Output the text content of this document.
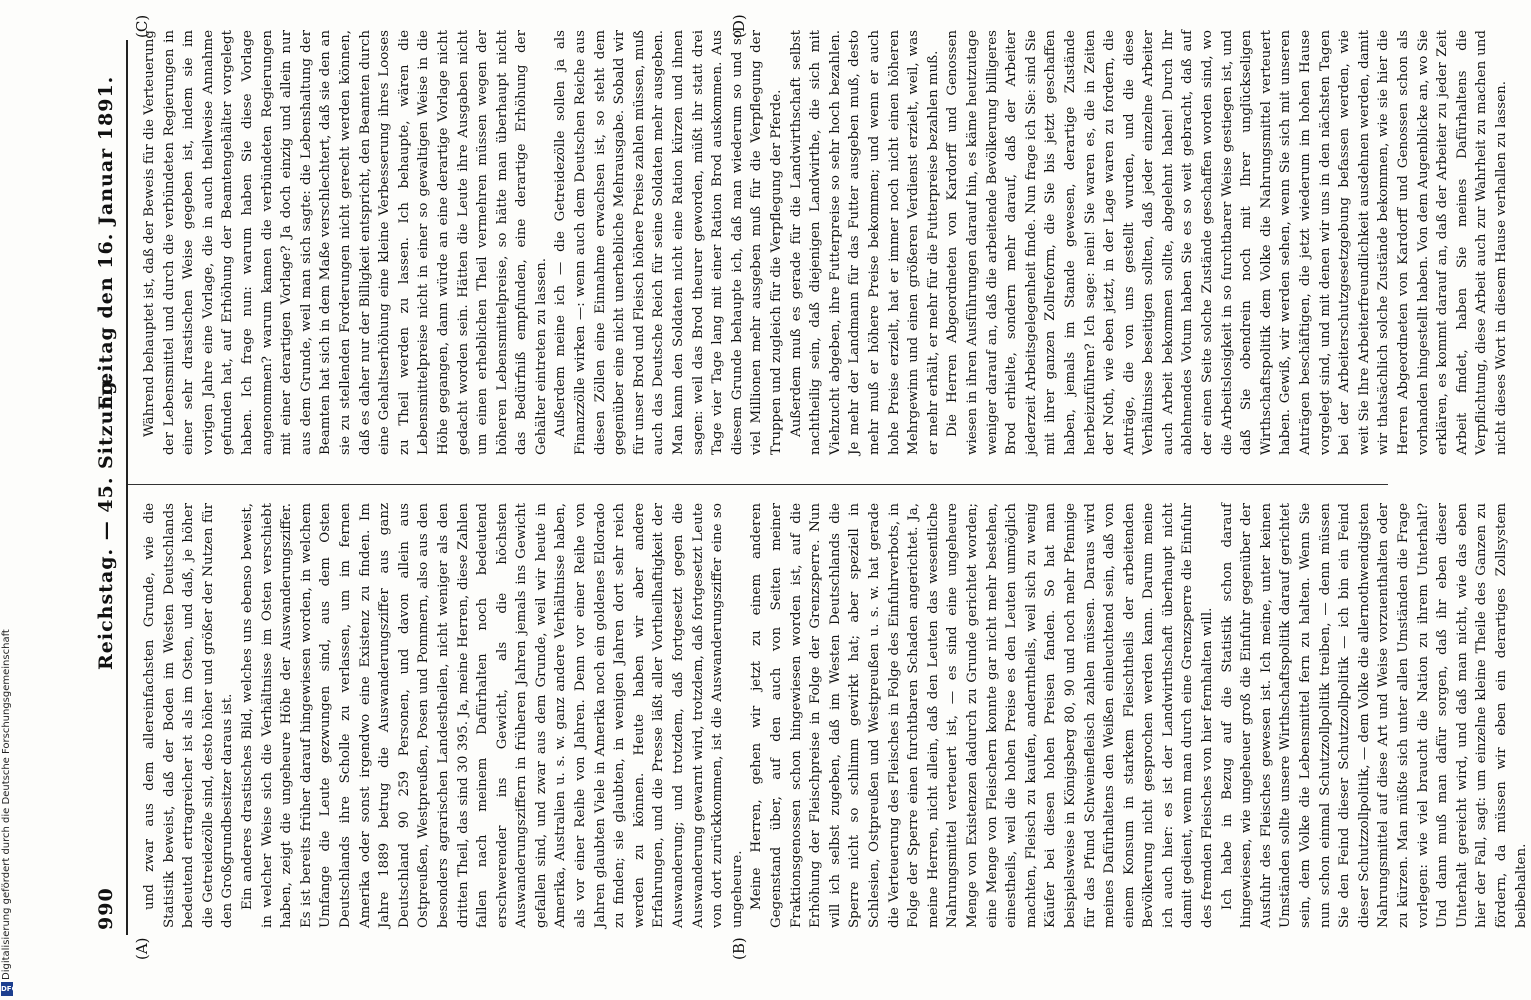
990
Reichstag. — 45. Sitzung.
Freitag den 16. Januar 1891.
(A)	(B)
(C)	(D)

und zwar aus dem allereinfachsten Grunde, wie die Statistik beweist, daß der Boden im Westen Deutschlands bedeutend ertragreicher ist als im Osten, und daß, je höher die Getreidezölle sind, desto höher und größer der Nutzen für den Großgrundbesitzer daraus ist. Ein anderes drastisches Bild, welches uns ebenso beweist, in welcher Weise sich die Verhältnisse im Osten verschiebt haben, zeigt die ungeheure Höhe der Auswanderungsziffer. Es ist bereits früher darauf hingewiesen worden, in welchem Umfange die Leute gezwungen sind, aus dem Osten Deutschlands ihre Scholle zu verlassen, um im fernen Amerika oder sonst irgendwo eine Existenz zu finden. Im Jahre 1889 betrug die Auswanderungsziffer aus ganz Deutschland 90 259 Personen, und davon allein aus Ostpreußen, Westpreußen, Posen und Pommern, also aus den besonders agrarischen Landestheilen, nicht weniger als den dritten Theil, das sind 30 395. Ja, meine Herren, diese Zahlen fallen nach meinem Dafürhalten noch bedeutend erschwerender ins Gewicht, als die höchsten Auswanderungsziffern in früheren Jahren jemals ins Gewicht gefallen sind, und zwar aus dem Grunde, weil wir heute in Amerika, Australien u. s. w. ganz andere Verhältnisse haben, als vor einer Reihe von Jahren. Denn vor einer Reihe von Jahren glaubten Viele in Amerika noch ein goldenes Eldorado zu finden; sie glaubten, in wenigen Jahren dort sehr reich werden zu können. Heute haben wir aber andere Erfahrungen, und die Presse läßt aller Vortheilhaftigkeit der Auswanderung; und trotzdem, daß fortgesetzt gegen die Auswanderung gewarnt wird, trotzdem, daß fortgesetzt Leute von dort zurückkommen, ist die Auswanderungsziffer eine so ungeheure. Meine Herren, gehen wir jetzt zu einem anderen Gegenstand über, auf den auch von Seiten meiner Fraktionsgenossen schon hingewiesen worden ist, auf die Erhöhung der Fleischpreise in Folge der Grenzsperre. Nun will ich selbst zugeben, daß im Westen Deutschlands die Sperre nicht so schlimm gewirkt hat; aber speziell in Schlesien, Ostpreußen und Westpreußen u. s. w. hat gerade die Verteuerung des Fleisches in Folge des Einfuhrverbots, in Folge der Sperre einen furchtbaren Schaden angerichtet. Ja, meine Herren, nicht allein, daß den Leuten das wesentliche Nahrungsmittel verteuert ist, — es sind eine ungeheure Menge von Existenzen dadurch zu Grunde gerichtet worden; eine Menge von Fleischern konnte gar nicht mehr bestehen, einestheils, weil die hohen Preise es den Leuten unmöglich machten, Fleisch zu kaufen, anderntheils, weil sich zu wenig Käufer bei diesen hohen Preisen fanden. So hat man beispielsweise in Königsberg 80, 90 und noch mehr Pfennige für das Pfund Schweinefleisch zahlen müssen. Daraus wird meines Dafürhaltens den Weißen einleuchtend sein, daß von einem Konsum in starkem Fleischtheils der arbeitenden Bevölkerung nicht gesprochen werden kann. Darum meine ich auch hier: es ist der Landwirthschaft überhaupt nicht damit gedient, wenn man durch eine Grenzsperre die Einfuhr des fremden Fleisches von hier fernhalten will. Ich habe in Bezug auf die Statistik schon darauf hingewiesen, wie ungeheuer groß die Einfuhr gegenüber der Ausfuhr des Fleisches gewesen ist. Ich meine, unter keinen Umständen sollte unsere Wirthschaftspolitik darauf gerichtet sein, dem Volke die Lebensmittel fern zu halten. Wenn Sie nun schon einmal Schutzzollpolitik treiben, — denn müssen Sie den Feind dieser Schutzzollpolitik — ich bin ein Feind dieser Schutzzollpolitik, — dem Volke die allernothwendigsten Nahrungsmittel auf diese Art und Weise vorzuenthalten oder zu kürzen. Man müßte sich unter allen Umständen die Frage vorlegen: wie viel braucht die Nation zu ihrem Unterhalt? Und dann muß man dafür sorgen, daß ihr eben dieser Unterhalt gereicht wird, und daß man nicht, wie das eben hier der Fall, sagt: um einzelne kleine Theile des Ganzen zu fördern, da müssen wir eben ein derartiges Zollsystem beibehalten.

Während behauptet ist, daß der Beweis für die Verteuerung der Lebensmittel und durch die verbündeten Regierungen in einer sehr drastischen Weise gegeben ist, indem sie im vorigen Jahre eine Vorlage, die in auch theilweise Annahme gefunden hat, auf Erhöhung der Beamtengehälter vorgelegt haben. Ich frage nun: warum haben Sie diese Vorlage angenommen? warum kamen die verbündeten Regierungen mit einer derartigen Vorlage? Ja doch einzig und allein nur aus dem Grunde, weil man sich sagte: die Lebenshaltung der Beamten hat sich in dem Maße verschlechtert, daß sie den an sie zu stellenden Forderungen nicht gerecht werden können, daß es daher nur der Billigkeit entspricht, den Beamten durch eine Gehaltserhöhung eine kleine Verbesserung ihres Looses zu Theil werden zu lassen. Ich behaupte, wären die Lebensmittelpreise nicht in einer so gewaltigen Weise in die Höhe gegangen, dann würde an eine derartige Vorlage nicht gedacht worden sein. Hätten die Leute ihre Ausgaben nicht um einen erheblichen Theil vermehren müssen wegen der höheren Lebensmittelpreise, so hätte man überhaupt nicht das Bedürfniß empfunden, eine derartige Erhöhung der Gehälter eintreten zu lassen. Außerdem meine ich — die Getreidezölle sollen ja als Finanzzölle wirken —: wenn auch dem Deutschen Reiche aus diesen Zöllen eine Einnahme erwachsen ist, so steht dem gegenüber eine nicht unerhebliche Mehrausgabe. Sobald wir für unser Brod und Fleisch höhere Preise zahlen müssen, muß auch das Deutsche Reich für seine Soldaten mehr ausgeben. Man kann den Soldaten nicht eine Ration kürzen und ihnen sagen: weil das Brod theurer geworden, müßt ihr statt drei Tage vier Tage lang mit einer Ration Brod auskommen. Aus diesem Grunde behaupte ich, daß man wiederum so und so viel Millionen mehr ausgeben muß für die Verpflegung der Truppen und zugleich für die Verpflegung der Pferde. Außerdem muß es gerade für die Landwirthschaft selbst nachtheilig sein, daß diejenigen Landwirthe, die sich mit Viehzucht abgeben, ihre Futterpreise so sehr hoch bezahlen. Je mehr der Landmann für das Futter ausgeben muß, desto mehr muß er höhere Preise bekommen; und wenn er auch hohe Preise erzielt, hat er immer noch nicht einen höheren Mehrgewinn und einen größeren Verdienst erzielt, weil, was er mehr erhält, er mehr für die Futterpreise bezahlen muß. Die Herren Abgeordneten von Kardorff und Genossen wiesen in ihren Ausführungen darauf hin, es käme heutzutage weniger darauf an, daß die arbeitende Bevölkerung billigeres Brod erhielte, sondern mehr darauf, daß der Arbeiter jederzeit Arbeitsgelegenheit finde. Nun frage ich Sie: sind Sie mit ihrer ganzen Zollreform, die Sie bis jetzt geschaffen haben, jemals im Stande gewesen, derartige Zustände herbeizuführen? Ich sage: nein! Sie waren es, die in Zeiten der Noth, wie eben jetzt, in der Lage waren zu fordern, die Anträge, die von uns gestellt wurden, und die diese Verhältnisse beseitigen sollten, daß jeder einzelne Arbeiter auch Arbeit bekommen sollte, abgelehnt haben! Durch Ihr ablehnendes Votum haben Sie es so weit gebracht, daß auf der einen Seite solche Zustände geschaffen worden sind, wo die Arbeitslosigkeit in so furchtbarer Weise gestiegen ist, und daß Sie obendrein noch mit Ihrer unglückseligen Wirthschaftspolitik dem Volke die Nahrungsmittel verteuert haben. Gewiß, wir werden sehen, wenn Sie sich mit unseren Anträgen beschäftigen, die jetzt wiederum im hohen Hause vorgelegt sind, und mit denen wir uns in den nächsten Tagen bei der Arbeiterschutzgesetzgebung befassen werden, wie weit Sie Ihre Arbeiterfreundlichkeit ausdehnen werden, damit wir thatsächlich solche Zustände bekommen, wie sie hier die Herren Abgeordneten von Kardorff und Genossen schon als vorhanden hingestellt haben. Von dem Augenblicke an, wo Sie erklären, es kommt darauf an, daß der Arbeiter zu jeder Zeit Arbeit findet, haben Sie meines Dafürhaltens die Verpflichtung, diese Arbeit auch zur Wahrheit zu machen und nicht dieses Wort in diesem Hause verhallen zu lassen.

Digitalisierung gefördert durch die Deutsche Forschungsgemeinschaft
DFG
